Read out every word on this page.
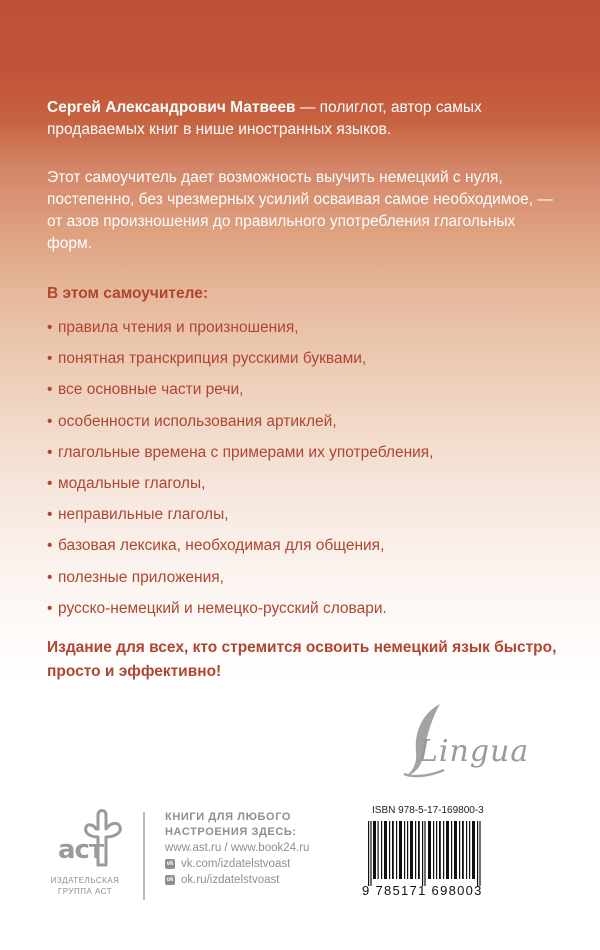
Сергей Александрович Матвеев — полиглот, автор самых продаваемых книг в нише иностранных языков.
Этот самоучитель дает возможность выучить немецкий с нуля, постепенно, без чрезмерных усилий осваивая самое необходимое, — от азов произношения до правильного употребления глагольных форм.
В этом самоучителе:
• правила чтения и произношения,
• понятная транскрипция русскими буквами,
• все основные части речи,
• особенности использования артиклей,
• глагольные времена с примерами их употребления,
• модальные глаголы,
• неправильные глаголы,
• базовая лексика, необходимая для общения,
• полезные приложения,
• русско-немецкий и немецко-русский словари.
Издание для всех, кто стремится освоить немецкий язык быстро, просто и эффективно!
Lingua
аст
ИЗДАТЕЛЬСКАЯ
ГРУППА АСТ
КНИГИ ДЛЯ ЛЮБОГО
НАСТРОЕНИЯ ЗДЕСЬ:
www.ast.ru / www.book24.ru
vk vk.com/izdatelstvoast
ok ok.ru/izdatelstvoast
ISBN 978-5-17-169800-3
9 785171 698003
